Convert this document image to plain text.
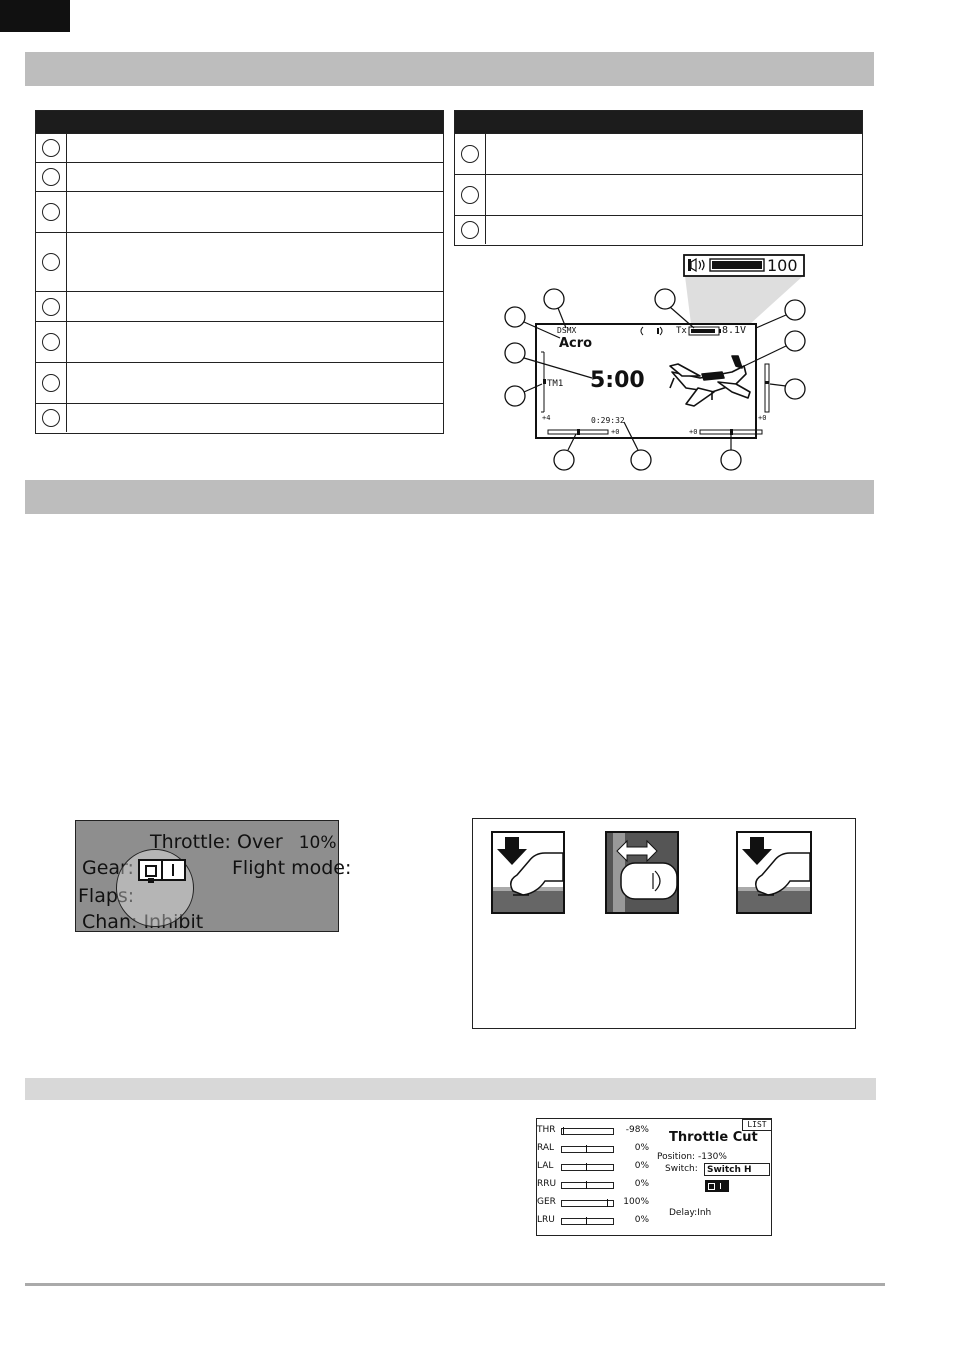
DSMX
Acro
Tx	8.1V
TM1 5:00
0:29:32
+4
+0	+0
+0
100
Throttle: Over 10%
Gear:	Flight mode:
Flaps:
Chan: Inhibit
LIST
Throttle Cut
Position: -130%
Switch:	Switch H
Delay:Inh
THR	-98%
RAL	0%
LAL	0%
RRU	0%
GER	100%
LRU	0%
